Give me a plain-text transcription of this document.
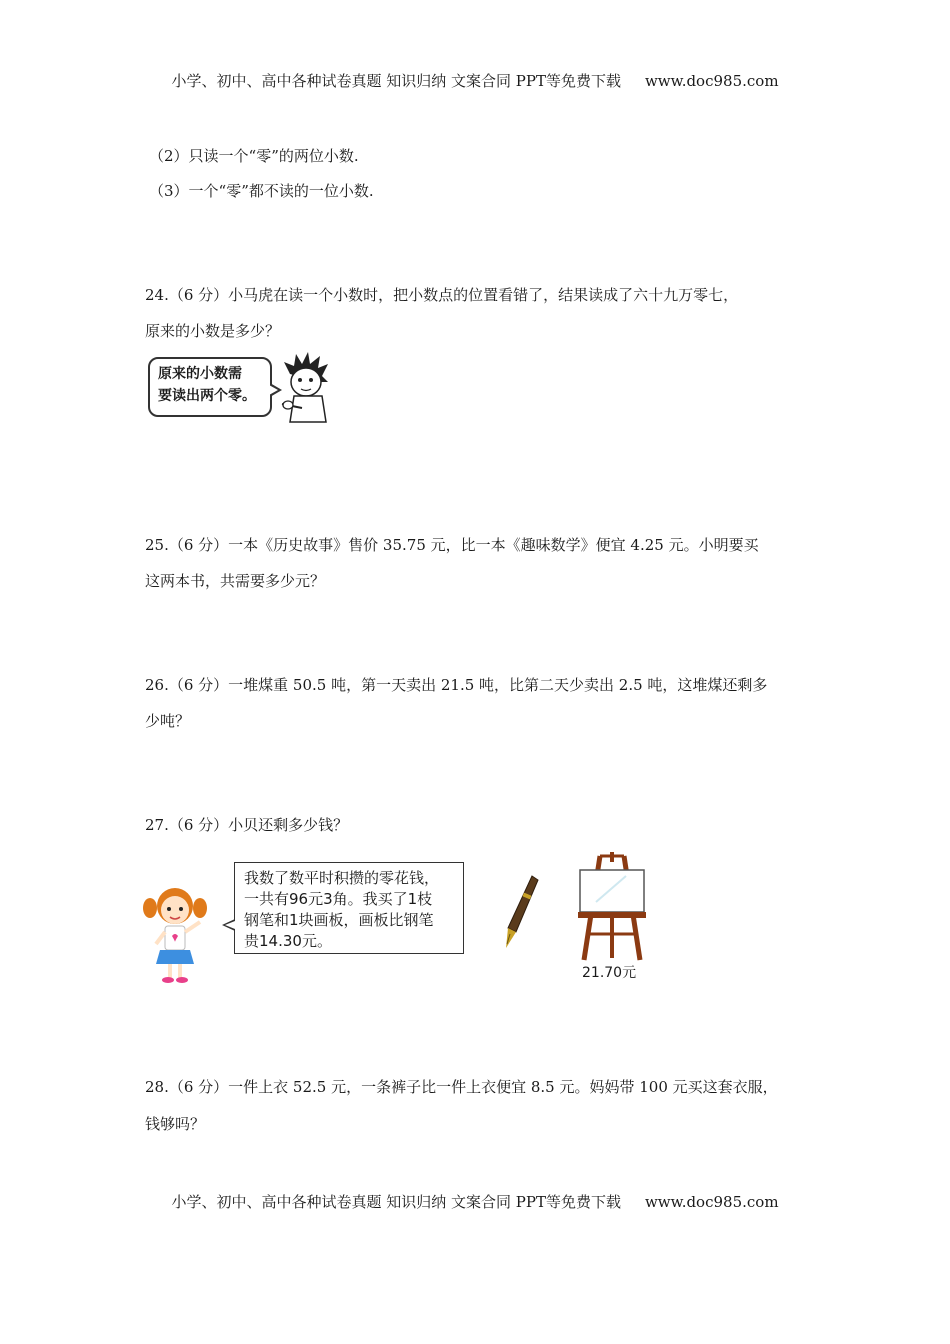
小学、初中、高中各种试卷真题 知识归纳 文案合同 PPT等免费下载 www.doc985.com
（2）只读一个“零”的两位小数.
（3）一个“零”都不读的一位小数.
24.（6 分）小马虎在读一个小数时，把小数点的位置看错了，结果读成了六十九万零七，
原来的小数是多少？
原来的小数需
要读出两个零。
25.（6 分）一本《历史故事》售价 35.75 元，比一本《趣味数学》便宜 4.25 元。小明要买
这两本书，共需要多少元？
26.（6 分）一堆煤重 50.5 吨，第一天卖出 21.5 吨，比第二天少卖出 2.5 吨，这堆煤还剩多
少吨？
27.（6 分）小贝还剩多少钱？
我数了数平时积攒的零花钱，
一共有96元3角。我买了1枝
钢笔和1块画板，画板比钢笔
贵14.30元。
21.70元
28.（6 分）一件上衣 52.5 元，一条裤子比一件上衣便宜 8.5 元。妈妈带 100 元买这套衣服，
钱够吗？
小学、初中、高中各种试卷真题 知识归纳 文案合同 PPT等免费下载 www.doc985.com
